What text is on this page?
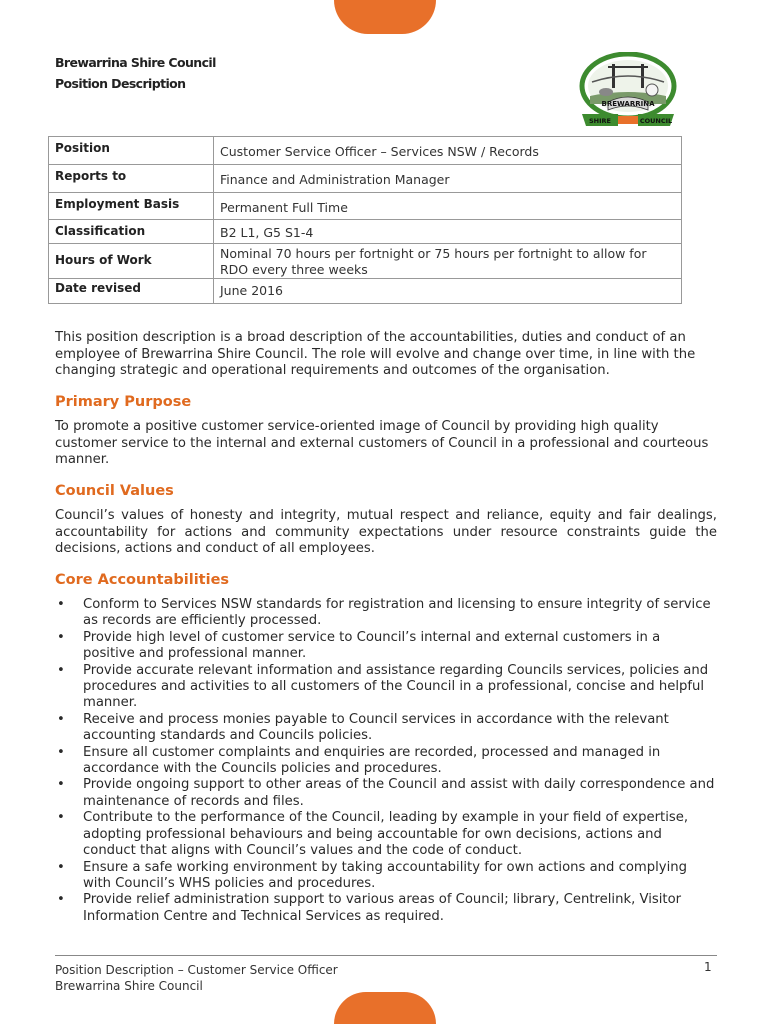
Brewarrina Shire Council
Position Description
BREWARRINA
SHIRE	COUNCIL
Position	Customer Service Officer – Services NSW / Records
Reports to	Finance and Administration Manager
Employment Basis	Permanent Full Time
Classification	B2 L1, G5 S1-4
Hours of Work	Nominal 70 hours per fortnight or 75 hours per fortnight to allow for RDO every three weeks
Date revised	June 2016
This position description is a broad description of the accountabilities, duties and conduct of an employee of Brewarrina Shire Council. The role will evolve and change over time, in line with the changing strategic and operational requirements and outcomes of the organisation.
Primary Purpose
To promote a positive customer service-oriented image of Council by providing high quality customer service to the internal and external customers of Council in a professional and courteous manner.
Council Values
Council’s values of honesty and integrity, mutual respect and reliance, equity and fair dealings, accountability for actions and community expectations under resource constraints guide the decisions, actions and conduct of all employees.
Core Accountabilities
• Conform to Services NSW standards for registration and licensing to ensure integrity of service as records are efficiently processed.
• Provide high level of customer service to Council’s internal and external customers in a positive and professional manner.
• Provide accurate relevant information and assistance regarding Councils services, policies and procedures and activities to all customers of the Council in a professional, concise and helpful manner.
• Receive and process monies payable to Council services in accordance with the relevant accounting standards and Councils policies.
• Ensure all customer complaints and enquiries are recorded, processed and managed in accordance with the Councils policies and procedures.
• Provide ongoing support to other areas of the Council and assist with daily correspondence and maintenance of records and files.
• Contribute to the performance of the Council, leading by example in your field of expertise, adopting professional behaviours and being accountable for own decisions, actions and conduct that aligns with Council’s values and the code of conduct.
• Ensure a safe working environment by taking accountability for own actions and complying with Council’s WHS policies and procedures.
• Provide relief administration support to various areas of Council; library, Centrelink, Visitor Information Centre and Technical Services as required.
Position Description – Customer Service Officer
Brewarrina Shire Council
1
